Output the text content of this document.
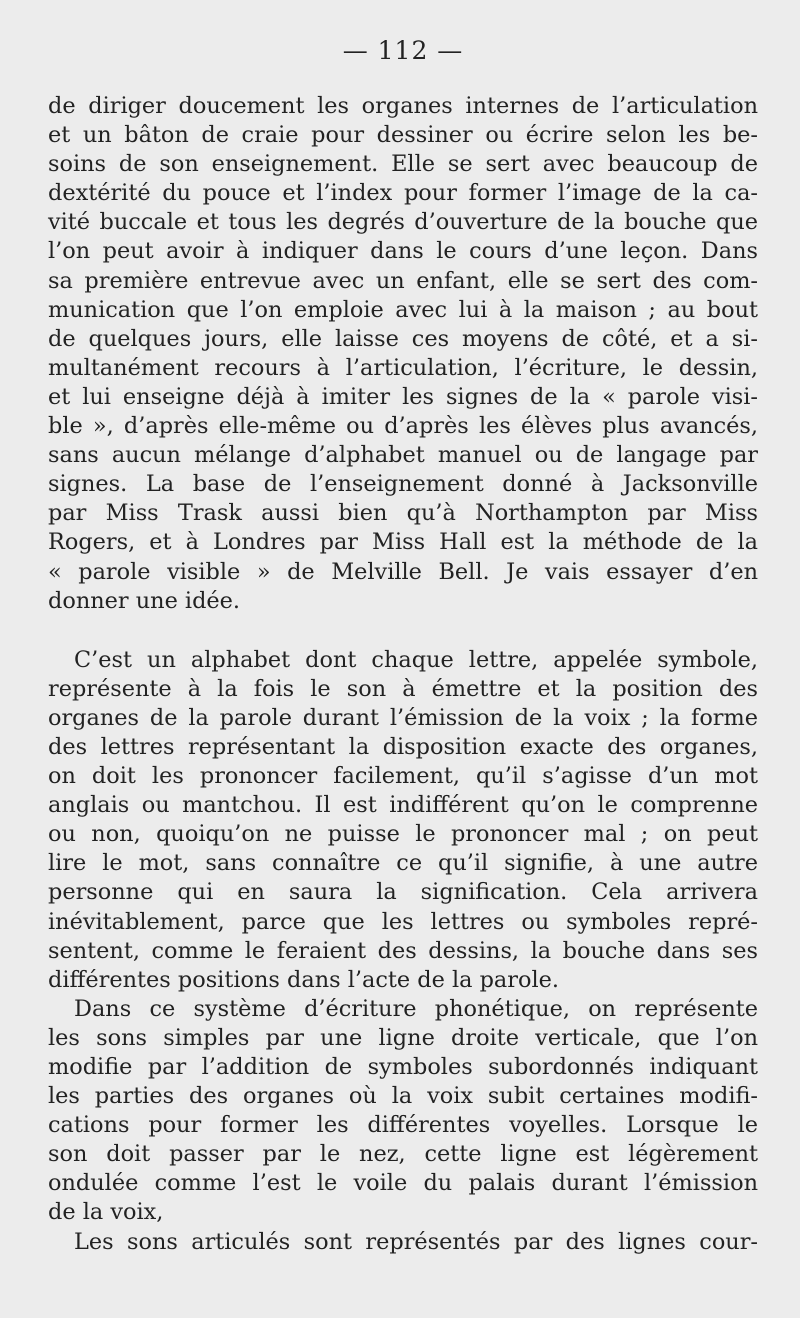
— 112 —
de diriger doucement les organes internes de l’articulation
et un bâton de craie pour dessiner ou écrire selon les be-
soins de son enseignement. Elle se sert avec beaucoup de
dextérité du pouce et l’index pour former l’image de la ca-
vité buccale et tous les degrés d’ouverture de la bouche que
l’on peut avoir à indiquer dans le cours d’une leçon. Dans
sa première entrevue avec un enfant, elle se sert des com-
munication que l’on emploie avec lui à la maison ; au bout
de quelques jours, elle laisse ces moyens de côté, et a si-
multanément recours à l’articulation, l’écriture, le dessin,
et lui enseigne déjà à imiter les signes de la « parole visi-
ble », d’après elle-même ou d’après les élèves plus avancés,
sans aucun mélange d’alphabet manuel ou de langage par
signes. La base de l’enseignement donné à Jacksonville
par Miss Trask aussi bien qu’à Northampton par Miss
Rogers, et à Londres par Miss Hall est la méthode de la
« parole visible » de Melville Bell. Je vais essayer d’en
donner une idée.
C’est un alphabet dont chaque lettre, appelée symbole,
représente à la fois le son à émettre et la position des
organes de la parole durant l’émission de la voix ; la forme
des lettres représentant la disposition exacte des organes,
on doit les prononcer facilement, qu’il s’agisse d’un mot
anglais ou mantchou. Il est indifférent qu’on le comprenne
ou non, quoiqu’on ne puisse le prononcer mal ; on peut
lire le mot, sans connaître ce qu’il signifie, à une autre
personne qui en saura la signification. Cela arrivera
inévitablement, parce que les lettres ou symboles repré-
sentent, comme le feraient des dessins, la bouche dans ses
différentes positions dans l’acte de la parole.
Dans ce système d’écriture phonétique, on représente
les sons simples par une ligne droite verticale, que l’on
modifie par l’addition de symboles subordonnés indiquant
les parties des organes où la voix subit certaines modifi-
cations pour former les différentes voyelles. Lorsque le
son doit passer par le nez, cette ligne est légèrement
ondulée comme l’est le voile du palais durant l’émission
de la voix,
Les sons articulés sont représentés par des lignes cour-
